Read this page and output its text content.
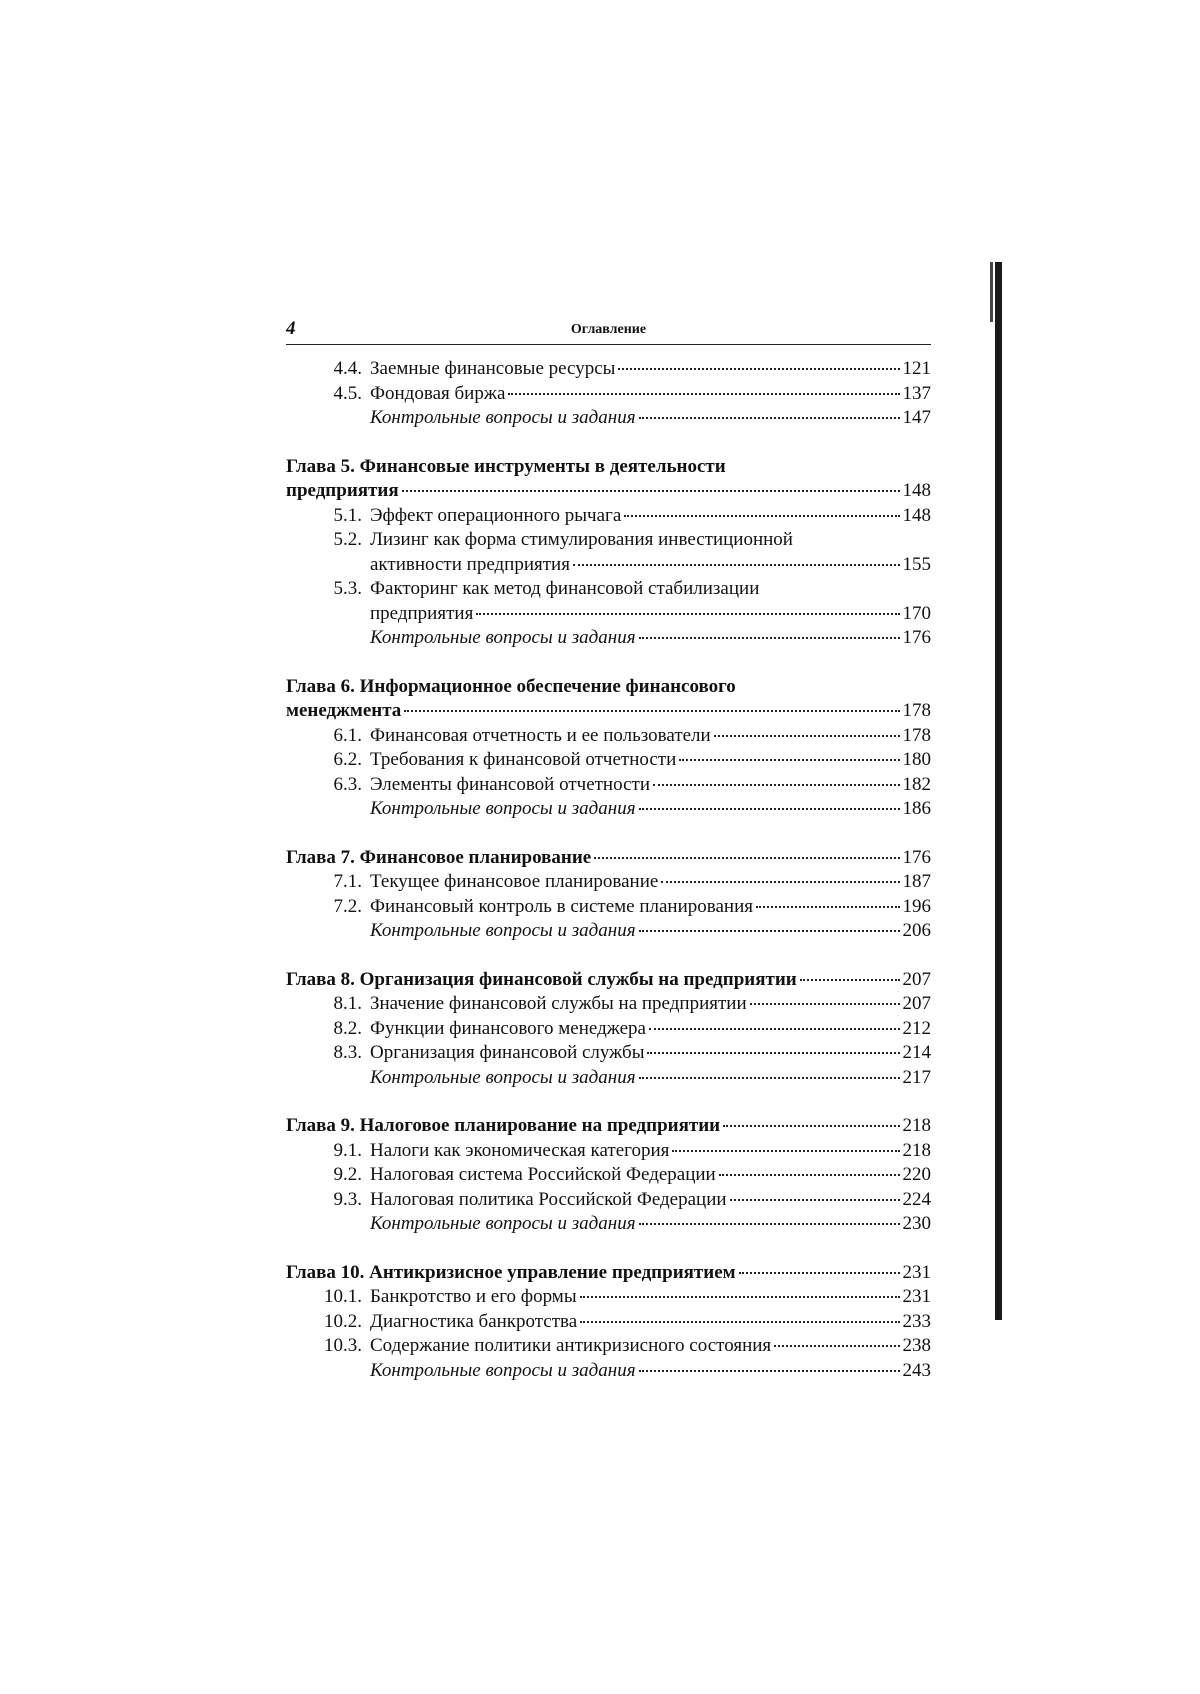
4	Оглавление
4.4. Заемные финансовые ресурсы	121
4.5. Фондовая биржа	137
Контрольные вопросы и задания	147
Глава 5. Финансовые инструменты в деятельности
предприятия	148
5.1. Эффект операционного рычага	148
5.2. Лизинг как форма стимулирования инвестиционной
активности предприятия	155
5.3. Факторинг как метод финансовой стабилизации
предприятия	170
Контрольные вопросы и задания	176
Глава 6. Информационное обеспечение финансового
менеджмента	178
6.1. Финансовая отчетность и ее пользователи	178
6.2. Требования к финансовой отчетности	180
6.3. Элементы финансовой отчетности	182
Контрольные вопросы и задания	186
Глава 7. Финансовое планирование	176
7.1. Текущее финансовое планирование	187
7.2. Финансовый контроль в системе планирования	196
Контрольные вопросы и задания	206
Глава 8. Организация финансовой службы на предприятии	207
8.1. Значение финансовой службы на предприятии	207
8.2. Функции финансового менеджера	212
8.3. Организация финансовой службы	214
Контрольные вопросы и задания	217
Глава 9. Налоговое планирование на предприятии	218
9.1. Налоги как экономическая категория	218
9.2. Налоговая система Российской Федерации	220
9.3. Налоговая политика Российской Федерации	224
Контрольные вопросы и задания	230
Глава 10. Антикризисное управление предприятием	231
10.1. Банкротство и его формы	231
10.2. Диагностика банкротства	233
10.3. Содержание политики антикризисного состояния	238
Контрольные вопросы и задания	243
